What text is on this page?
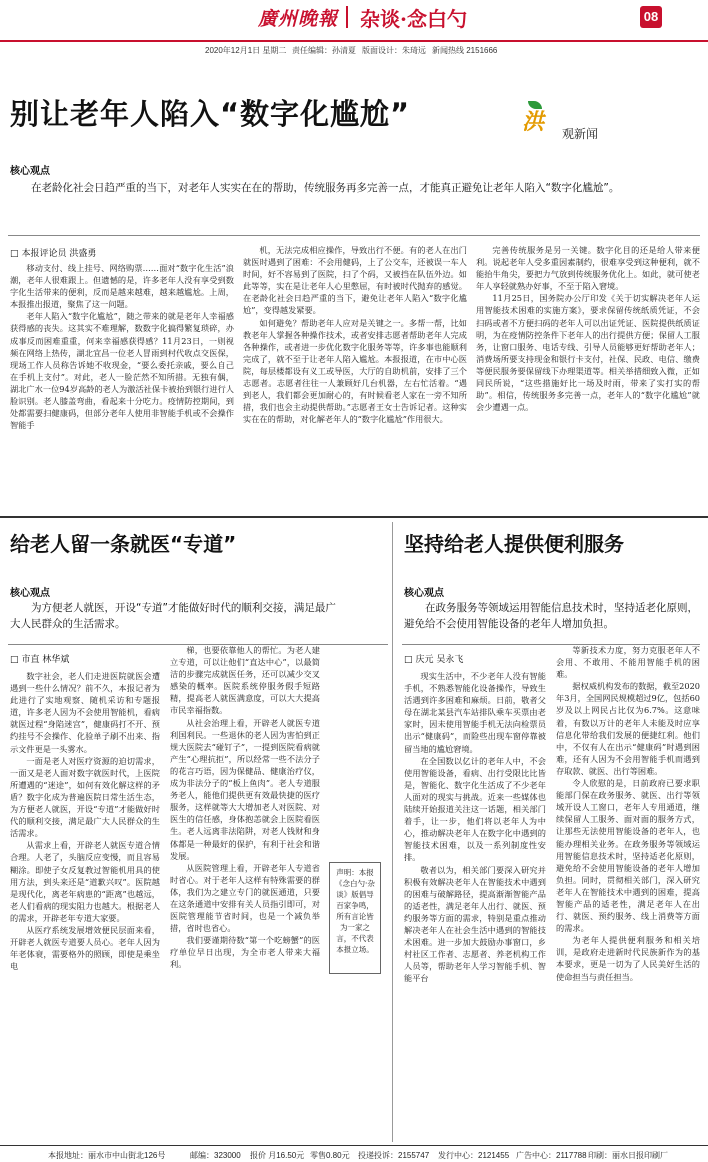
廣州晚報 杂谈·念白勺	08
2020年12月1日 星期二 责任编辑：孙清夏 版面设计：朱琦远 新闻热线 2151666
别让老年人陷入“数字化尴尬”	洪 观新闻
核心观点
在老龄化社会日趋严重的当下，对老年人实实在在的帮助，传统服务再多完善一点，才能真正避免让老年人陷入“数字化尴尬”。
□ 本报评论员 洪盛勇

移动支付、线上挂号、网络购票……面对“数字化生活”浪潮，老年人很难跟上。但遗憾的是，许多老年人没有享受到数字化生活带来的便利，反而是越来越难，越来越尴尬。上周，本报推出报道，聚焦了这一问题。

老年人陷入“数字化尴尬”，随之带来的就是老年人幸福感获得感的丧失。这其实不难理解，数数字化搞得繁复琐碎，办成事反而困难重重，何来幸福感获得感？11月23日，一则视频在网络上热传，湖北宜昌一位老人冒雨到村代收点交医保，现场工作人员称告诉她不收现金，“要么委托亲戚，要么自己在手机上支付”。对此，老人一脸茫然不知所措。无独有偶，湖北广水一位94岁高龄的老人为激活社保卡被抬到银行进行人脸识别。老人膝盖弯曲，看起来十分吃力。疫情防控期间，到处都需要扫健康码，但部分老年人使用非智能手机或不会操作智能手

机，无法完成相应操作，导致出行不便。有的老人在出门就医时遇到了困难：不会用健码，上了公交车，还被误一车人时间，好不容易到了医院，扫了个码，又被挡在队伍外边。如此等等，实在是让老年人心里憋屈，有时被时代抛弃的感觉。在老龄化社会日趋严重的当下，避免让老年人陷入“数字化尴尬”，变得越发紧要。

如何避免？帮助老年人应对是关键之一。多帮一帮，比如教老年人掌握各种操作技术，或者安排志愿者帮助老年人完成各种操作，或者进一步优化数字化服务等等，许多事也能顺利完成了，就不至于让老年人陷入尴尬。本报报道，在市中心医院，每层楼都设有义工或导医，大厅的自助机前，安排了三个志愿者。志愿者往往一人兼顾好几台机器，左右忙活着。“遇到老人，我们都会更加耐心的，有时候看老人家在一旁不知所措，我们也会主动提供帮助。”志愿者王女士告诉记者。这种实实在在的帮助，对化解老年人的“数字化尴尬”作用很大。

完善传统服务是另一关键。数字化目的还是给人带来便利。说起老年人受多重因素制约，很难享受到这种便利，就不能抬牛角尖，要把力气放到传统服务优化上。如此，就可使老年人享轻就熟办好事，不至于陷入窘境。

11月25日，国务院办公厅印发《关于切实解决老年人运用智能技术困难的实施方案》，要求保留传统纸质凭证，不会扫码或者不方便扫码的老年人可以出证凭证、医院提供纸质证明，为在疫情防控条件下老年人的出行提供方便；保留人工服务，让窗口服务、电话专线、引导人员能够更好帮助老年人；消费场所要支持现金和银行卡支付，社保、民政、电信、缴费等便民服务要保留线下办理渠道等。相关举措细致入微，正如同民所说，“这些措施好比一场及时雨，带来了实打实的帮助”。相信，传统服务多完善一点，老年人的“数字化尴尬”就会少遭遇一点。

给老人留一条就医“专道”
核心观点
为方便老人就医，开设“专道”才能做好时代的顺利交接，满足最广大人民群众的生活需求。
□ 市直 林华斌

数字社会，老人们走进医院就医会遭遇到一些什么情况？前不久，本报记者为此进行了实地观察、随机采访和专题报道，许多老人因为不会使用智能机，看病就医过程“身陷迷宫”，健康码打不开、预约挂号不会操作、化验单子刷不出来、指示文件更是一头雾水。

一面是老人对医疗资源的迫切需求，一面又是老人面对数字就医时代，上医院所遭遇的“迷途”，如何有效化解这样的矛盾？数字化成为普遍医院日常生活生态，为方便老人就医，开设“专道”才能做好时代的顺利交接，满足最广大人民群众的生活需求。

从需求上看，开辟老人就医专道合情合理。人老了，头脑反应变慢，而且容易糊涂。即使子女反复教过智能机用具的使用方法，到头来还是“道歉兴叹”。医院越是现代化，离老年病患的“距离”也越远，老人们看病的现实阻力也越大。根据老人的需求，开辟老年专道大家要。

从医疗系统发展增效便民层面来看，开辟老人就医专道要人员心。老年人因为年老体衰，需要格外的照顾，即使是乘坐电

梯，也要依靠他人的帮忙。为老人建立专道，可以让他们“直达中心”，以最简洁的步骤完成就医任务，还可以减少交叉感染的概率。医院系统停服务假手短路精，提高老人就医满意度，可以大大提高市民幸福指数。

从社会治理上看，开辟老人就医专道利国利民。一些退休的老人因为害怕到正规大医院去“碰钉子”，一提到医院看病就产生“心理抗拒”，所以经常一些不法分子的花言巧语，因为保健品、健康治疗仪，成为非法分子的“板上鱼肉”。老人专道服务老人，能他们提供更有效最快捷的医疗服务，这样就等大大增加老人对医院、对医生的信任感，身体抱恙就会上医院看医生。老人远离非法陷阱，对老人钱财和身体都是一种最好的保护，有利于社会和谐发展。

从医院管理上看，开辟老年人专道省时省心。对于老年人这样有特殊需要的群体，我们为之建立专门的就医通道，只要在这条通道中安排有关人员指引即可，对医院管理能节省时间，也是一个减负举措，省时也省心。

我们要谨期待数“第一个吃螃蟹”的医疗单位早日出现，为全市老人带来大福利。

声明：本报《念白勺·杂谈》版倡导百家争鸣，所有言论皆为一家之言，不代表本报立场。
坚持给老人提供便利服务
核心观点
在政务服务等领域运用智能信息技术时，坚持适老化原则，避免给不会使用智能设备的老年人增加负担。
□ 庆元 吴永飞

现实生活中，不少老年人没有智能手机，不熟悉智能化设备操作，导致生活遇到许多困难和麻烦。日前，敬者父母在湖北某县汽车站排队乘车买票由老家时，因未使用智能手机无法向检票员出示“健康码”，而险些出现车窗停靠被留当地的尴尬窘境。

在全国数以亿计的老年人中，不会使用智能设备，看病、出行受限比比皆是，智能化、数字化生活成了不少老年人面对的现实与挑战。近来一些媒体也陆续开始报道关注这一话题，相关部门着手，让一步，他们将以老年人为中心，推动解决老年人在数字化中遇到的智能技术困难，以及一系列制度性安排。

敬者以为，相关部门要深入研究并积极有效解决老年人在智能技术中遇到的困难与破解路径，提高渐渐智能产品的适老性，满足老年人出行、就医、预约服务等方面的需求，特别是重点推动解决老年人在社会生活中遇到的智能技术困难。进一步加大鼓励办事窗口，乡村社区工作者、志愿者、养老机构工作人员等，帮助老年人学习智能手机、智能平台

等新技术力度，努力克服老年人不会用、不敢用、不能用智能手机的困难。

据权威机构发布的数据，截至2020年3月，全国网民规模超过9亿，包括60岁及以上网民占比仅为6.7%。这意味着，有数以万计的老年人未能及时应享信息化带给我们发展的便捷红利。他们中，不仅有人在出示“健康码”时遇到困难，还有人因为不会用智能手机而遇到存取款、就医、出行等困难。

令人欣慰的是，日前政府已要求职能部门保在政务服务、就医、出行等领域开设人工窗口，老年人专用通道，继续保留人工服务、面对面的服务方式，让那些无法使用智能设备的老年人，也能办理相关业务。在政务服务等领域运用智能信息技术时，坚持适老化原则，避免给不会使用智能设备的老年人增加负担。同时，贯彻相关部门，深入研究老年人在智能技术中遇到的困难，提高智能产品的适老性，满足老年人在出行、就医、预约服务、线上消费等方面的需求。

为老年人提供便利服务和相关培训，是政府走进新时代民族新作为的基本要求，更是一切为了人民美好生活的使命担当与责任担当。

本报地址：丽水市中山街北126号	邮编：323000 报价 月16.50元 零售0.80元 投递投诉：2155747 发行中心：2121455 广告中心：2117788 印刷：丽水日报印刷厂
